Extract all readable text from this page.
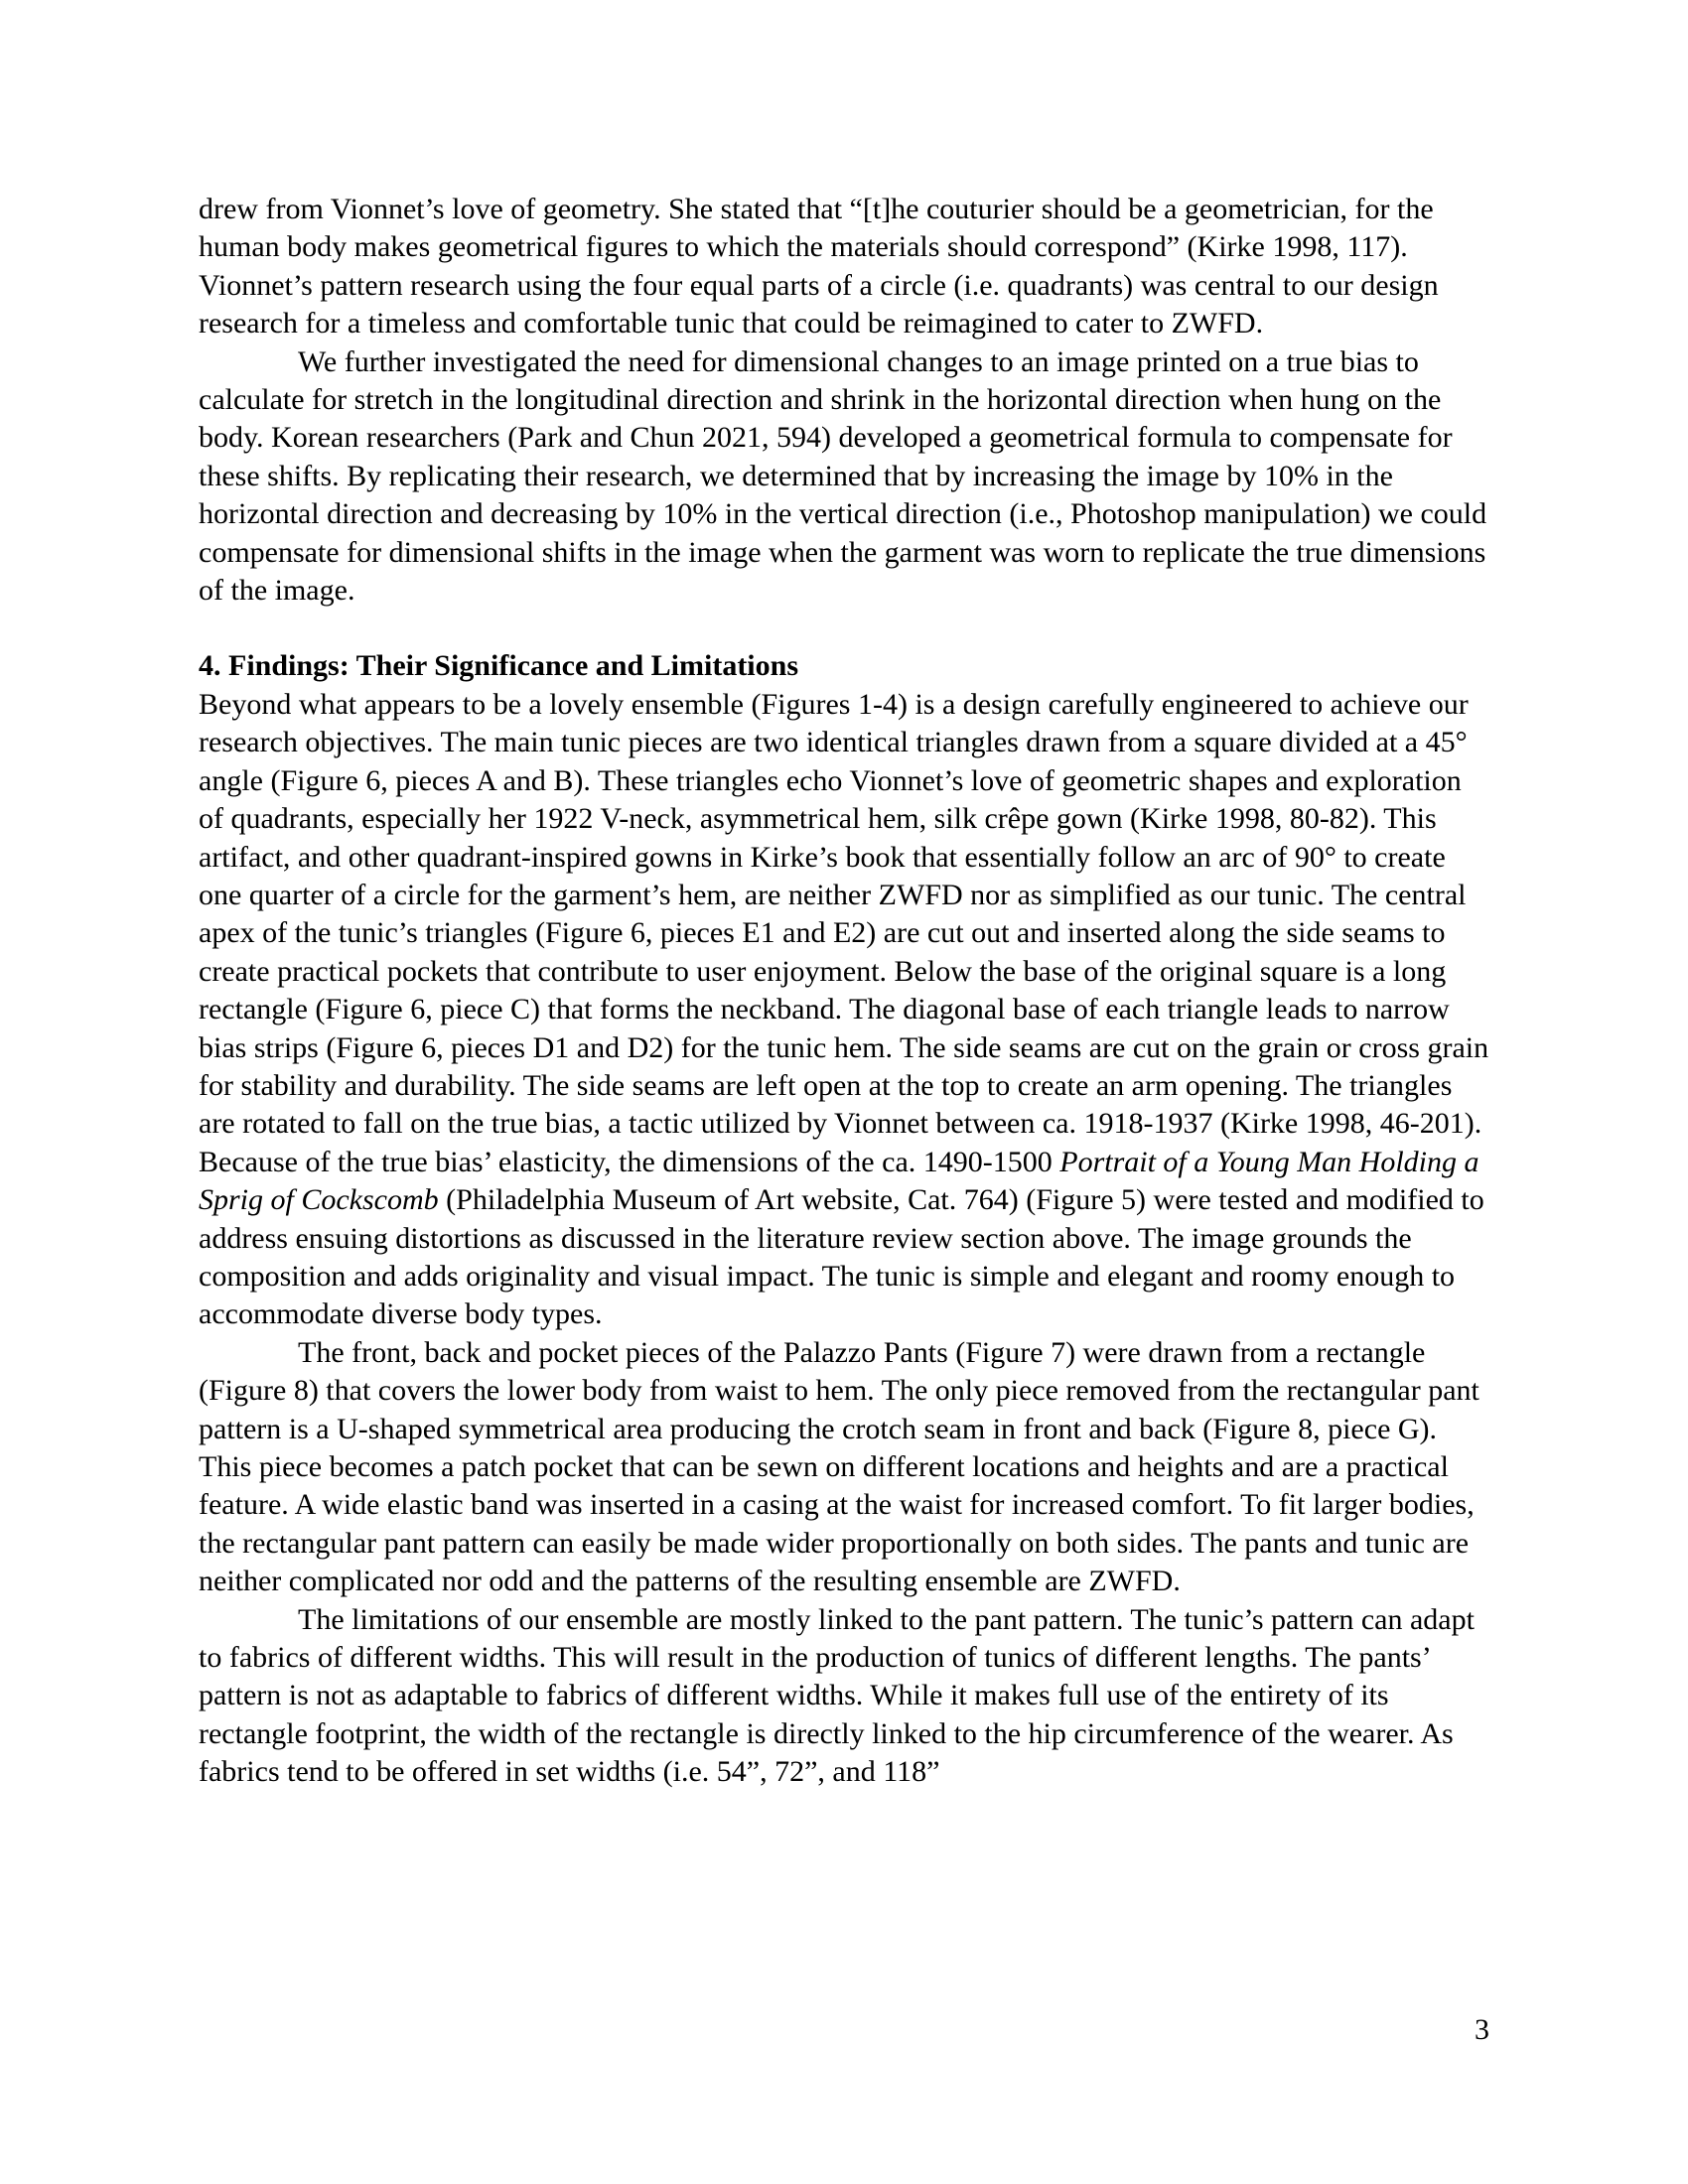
drew from Vionnet’s love of geometry. She stated that “[t]he couturier should be a geometrician, for the human body makes geometrical figures to which the materials should correspond” (Kirke 1998, 117). Vionnet’s pattern research using the four equal parts of a circle (i.e. quadrants) was central to our design research for a timeless and comfortable tunic that could be reimagined to cater to ZWFD.

We further investigated the need for dimensional changes to an image printed on a true bias to calculate for stretch in the longitudinal direction and shrink in the horizontal direction when hung on the body. Korean researchers (Park and Chun 2021, 594) developed a geometrical formula to compensate for these shifts. By replicating their research, we determined that by increasing the image by 10% in the horizontal direction and decreasing by 10% in the vertical direction (i.e., Photoshop manipulation) we could compensate for dimensional shifts in the image when the garment was worn to replicate the true dimensions of the image.

4. Findings: Their Significance and Limitations

Beyond what appears to be a lovely ensemble (Figures 1-4) is a design carefully engineered to achieve our research objectives. The main tunic pieces are two identical triangles drawn from a square divided at a 45° angle (Figure 6, pieces A and B). These triangles echo Vionnet’s love of geometric shapes and exploration of quadrants, especially her 1922 V-neck, asymmetrical hem, silk crêpe gown (Kirke 1998, 80-82). This artifact, and other quadrant-inspired gowns in Kirke’s book that essentially follow an arc of 90° to create one quarter of a circle for the garment’s hem, are neither ZWFD nor as simplified as our tunic. The central apex of the tunic’s triangles (Figure 6, pieces E1 and E2) are cut out and inserted along the side seams to create practical pockets that contribute to user enjoyment. Below the base of the original square is a long rectangle (Figure 6, piece C) that forms the neckband. The diagonal base of each triangle leads to narrow bias strips (Figure 6, pieces D1 and D2) for the tunic hem. The side seams are cut on the grain or cross grain for stability and durability. The side seams are left open at the top to create an arm opening. The triangles are rotated to fall on the true bias, a tactic utilized by Vionnet between ca. 1918-1937 (Kirke 1998, 46-201). Because of the true bias’ elasticity, the dimensions of the ca. 1490-1500 Portrait of a Young Man Holding a Sprig of Cockscomb (Philadelphia Museum of Art website, Cat. 764) (Figure 5) were tested and modified to address ensuing distortions as discussed in the literature review section above. The image grounds the composition and adds originality and visual impact. The tunic is simple and elegant and roomy enough to accommodate diverse body types.

The front, back and pocket pieces of the Palazzo Pants (Figure 7) were drawn from a rectangle (Figure 8) that covers the lower body from waist to hem. The only piece removed from the rectangular pant pattern is a U-shaped symmetrical area producing the crotch seam in front and back (Figure 8, piece G). This piece becomes a patch pocket that can be sewn on different locations and heights and are a practical feature. A wide elastic band was inserted in a casing at the waist for increased comfort. To fit larger bodies, the rectangular pant pattern can easily be made wider proportionally on both sides. The pants and tunic are neither complicated nor odd and the patterns of the resulting ensemble are ZWFD.

The limitations of our ensemble are mostly linked to the pant pattern. The tunic’s pattern can adapt to fabrics of different widths. This will result in the production of tunics of different lengths. The pants’ pattern is not as adaptable to fabrics of different widths. While it makes full use of the entirety of its rectangle footprint, the width of the rectangle is directly linked to the hip circumference of the wearer. As fabrics tend to be offered in set widths (i.e. 54”, 72”, and 118”

3
